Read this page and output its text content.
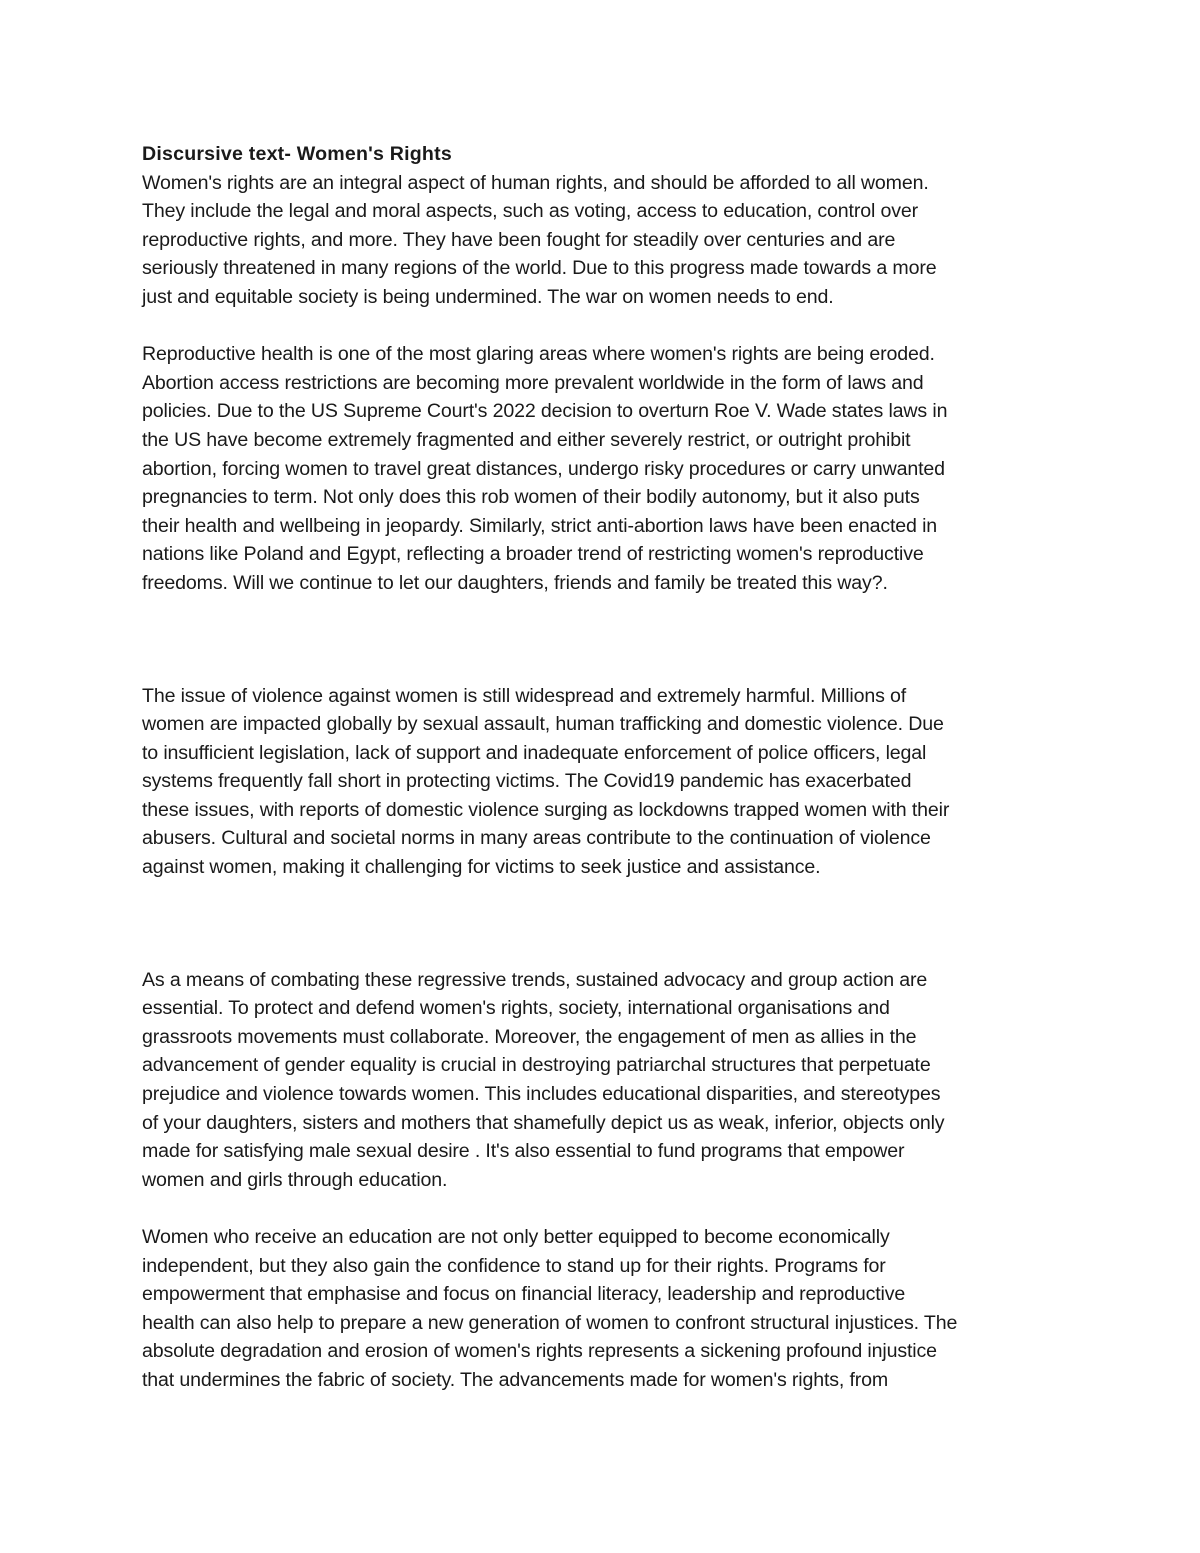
Discursive text- Women's Rights
Women's rights are an integral aspect of human rights, and should be afforded to all women.
They include the legal and moral aspects, such as voting, access to education, control over
reproductive rights, and more. They have been fought for steadily over centuries and are
seriously threatened in many regions of the world. Due to this progress made towards a more
just and equitable society is being undermined. The war on women needs to end.
Reproductive health is one of the most glaring areas where women's rights are being eroded.
Abortion access restrictions are becoming more prevalent worldwide in the form of laws and
policies. Due to the US Supreme Court's 2022 decision to overturn Roe V. Wade states laws in
the US have become extremely fragmented and either severely restrict, or outright prohibit
abortion, forcing women to travel great distances, undergo risky procedures or carry unwanted
pregnancies to term. Not only does this rob women of their bodily autonomy, but it also puts
their health and wellbeing in jeopardy. Similarly, strict anti-abortion laws have been enacted in
nations like Poland and Egypt, reflecting a broader trend of restricting women's reproductive
freedoms. Will we continue to let our daughters, friends and family be treated this way?.
The issue of violence against women is still widespread and extremely harmful. Millions of
women are impacted globally by sexual assault, human trafficking and domestic violence. Due
to insufficient legislation, lack of support and inadequate enforcement of police officers, legal
systems frequently fall short in protecting victims. The Covid19 pandemic has exacerbated
these issues, with reports of domestic violence surging as lockdowns trapped women with their
abusers. Cultural and societal norms in many areas contribute to the continuation of violence
against women, making it challenging for victims to seek justice and assistance.
As a means of combating these regressive trends, sustained advocacy and group action are
essential. To protect and defend women's rights, society, international organisations and
grassroots movements must collaborate. Moreover, the engagement of men as allies in the
advancement of gender equality is crucial in destroying patriarchal structures that perpetuate
prejudice and violence towards women. This includes educational disparities, and stereotypes
of your daughters, sisters and mothers that shamefully depict us as weak, inferior, objects only
made for satisfying male sexual desire . It's also essential to fund programs that empower
women and girls through education.
Women who receive an education are not only better equipped to become economically
independent, but they also gain the confidence to stand up for their rights. Programs for
empowerment that emphasise and focus on financial literacy, leadership and reproductive
health can also help to prepare a new generation of women to confront structural injustices. The
absolute degradation and erosion of women's rights represents a sickening profound injustice
that undermines the fabric of society. The advancements made for women's rights, from
